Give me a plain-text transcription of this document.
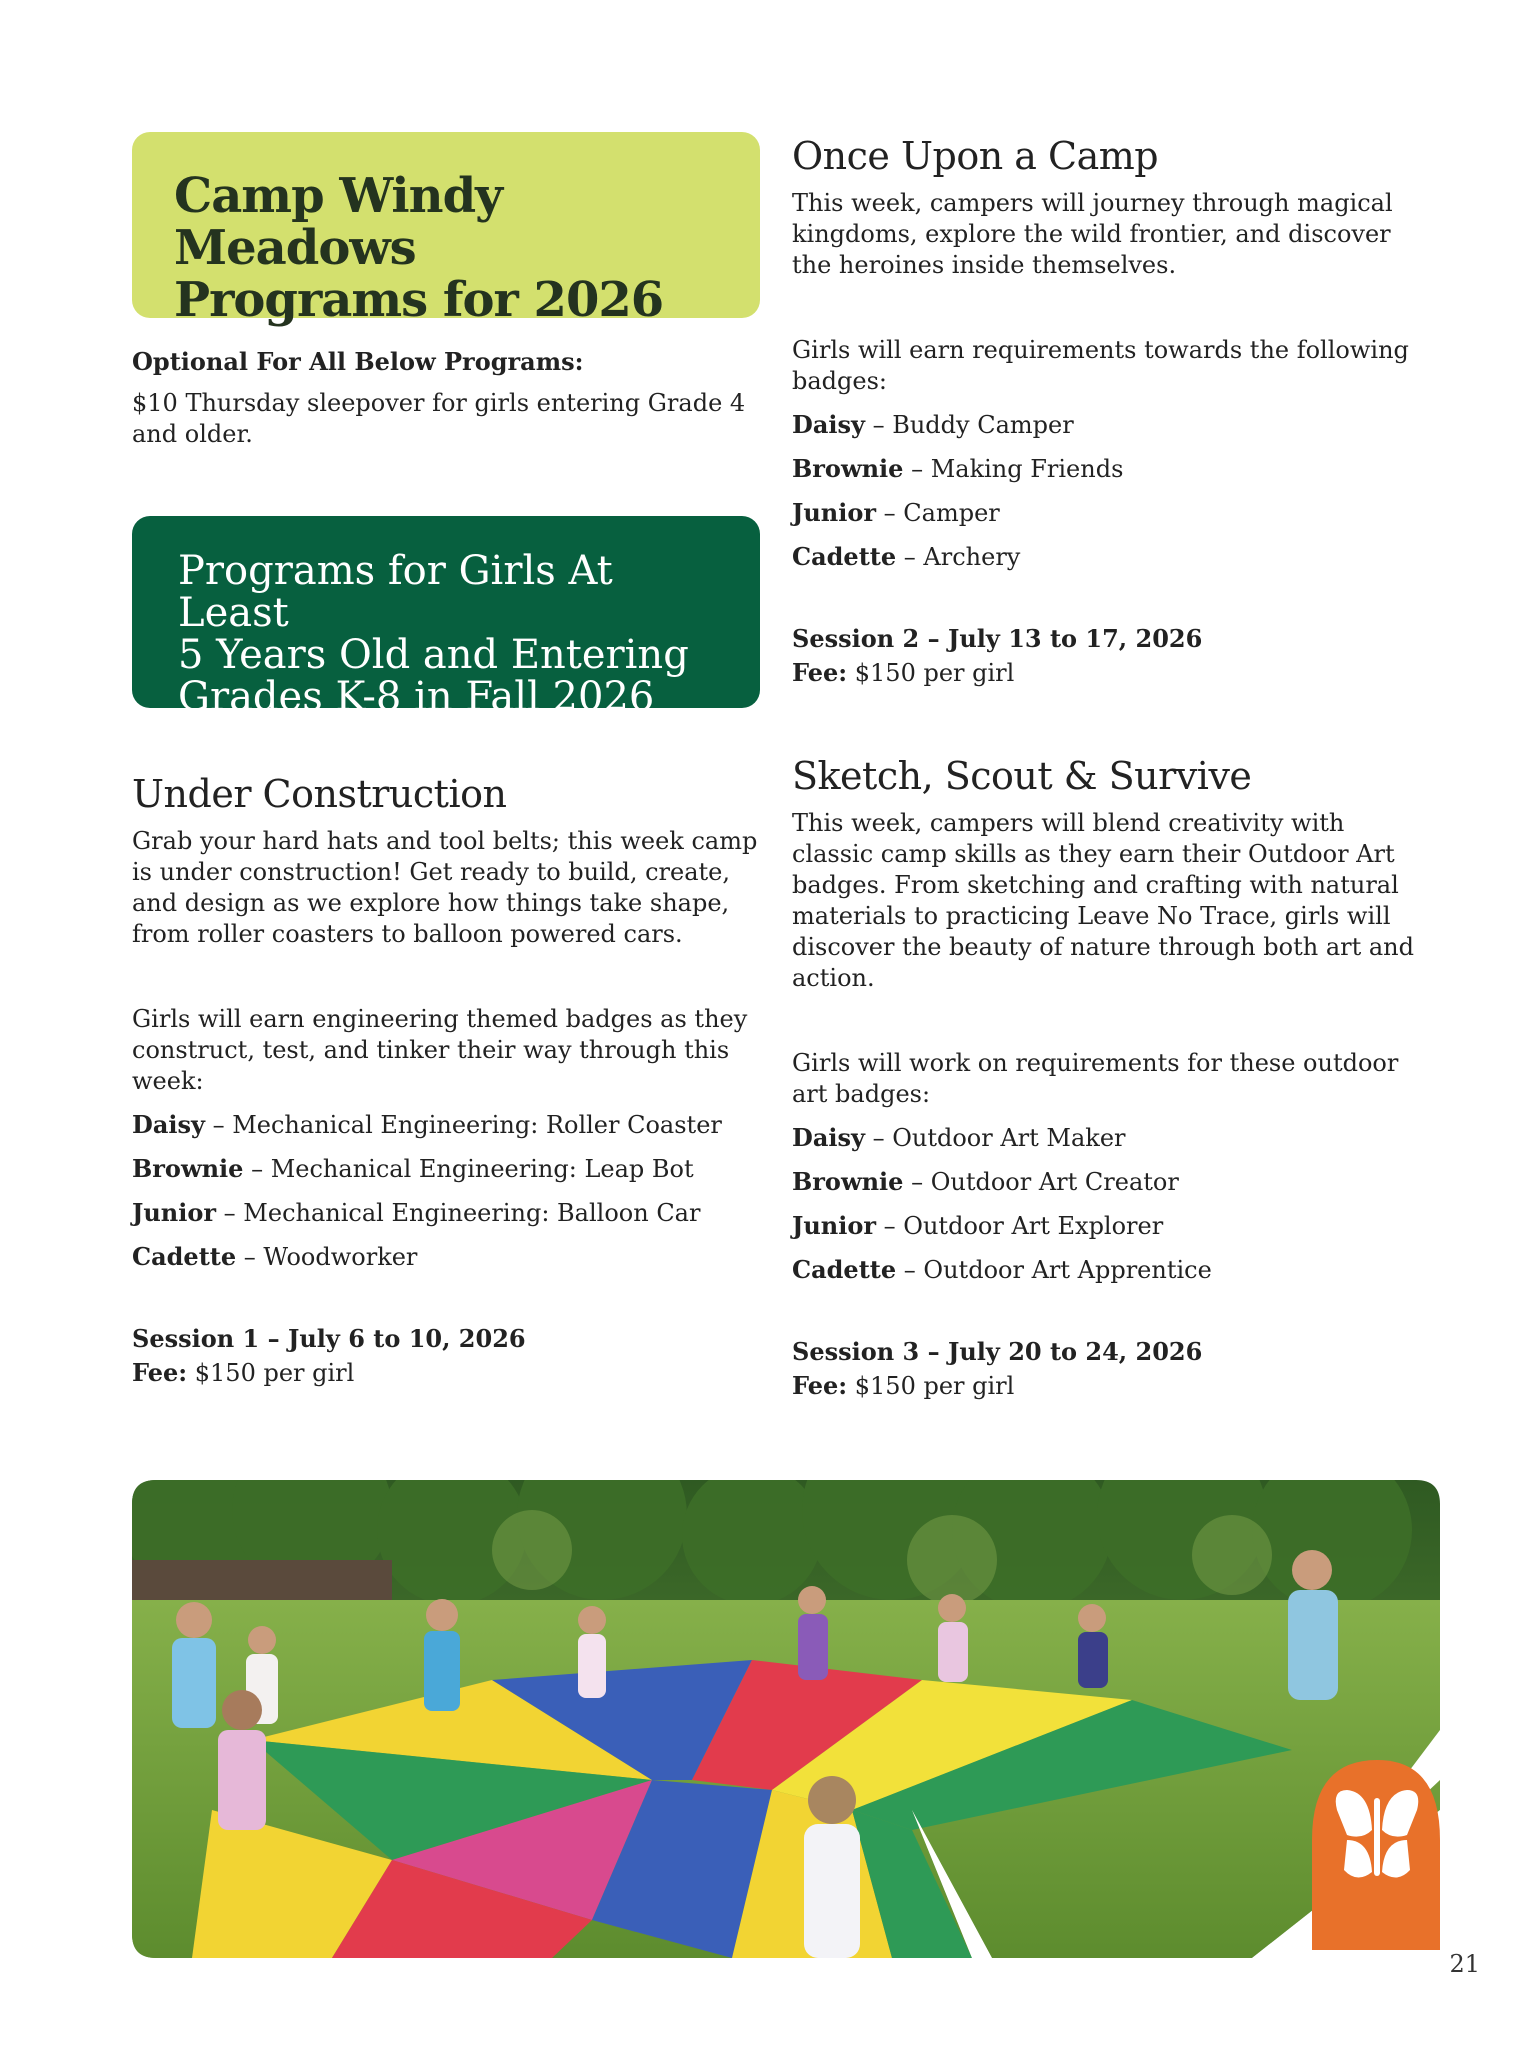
Camp Windy Meadows
Programs for 2026
Optional For All Below Programs:
$10 Thursday sleepover for girls entering Grade 4 and older.
Programs for Girls At Least
5 Years Old and Entering
Grades K-8 in Fall 2026
Under Construction
Grab your hard hats and tool belts; this week camp is under construction! Get ready to build, create, and design as we explore how things take shape, from roller coasters to balloon powered cars.
Girls will earn engineering themed badges as they construct, test, and tinker their way through this week:
Daisy – Mechanical Engineering: Roller Coaster
Brownie – Mechanical Engineering: Leap Bot
Junior – Mechanical Engineering: Balloon Car
Cadette – Woodworker
Session 1 – July 6 to 10, 2026
Fee: $150 per girl
Once Upon a Camp
This week, campers will journey through magical kingdoms, explore the wild frontier, and discover the heroines inside themselves.
Girls will earn requirements towards the following badges:
Daisy – Buddy Camper
Brownie – Making Friends
Junior – Camper
Cadette – Archery
Session 2 – July 13 to 17, 2026
Fee: $150 per girl
Sketch, Scout & Survive
This week, campers will blend creativity with classic camp skills as they earn their Outdoor Art badges. From sketching and crafting with natural materials to practicing Leave No Trace, girls will discover the beauty of nature through both art and action.
Girls will work on requirements for these outdoor art badges:
Daisy – Outdoor Art Maker
Brownie – Outdoor Art Creator
Junior – Outdoor Art Explorer
Cadette – Outdoor Art Apprentice
Session 3 – July 20 to 24, 2026
Fee: $150 per girl
21
